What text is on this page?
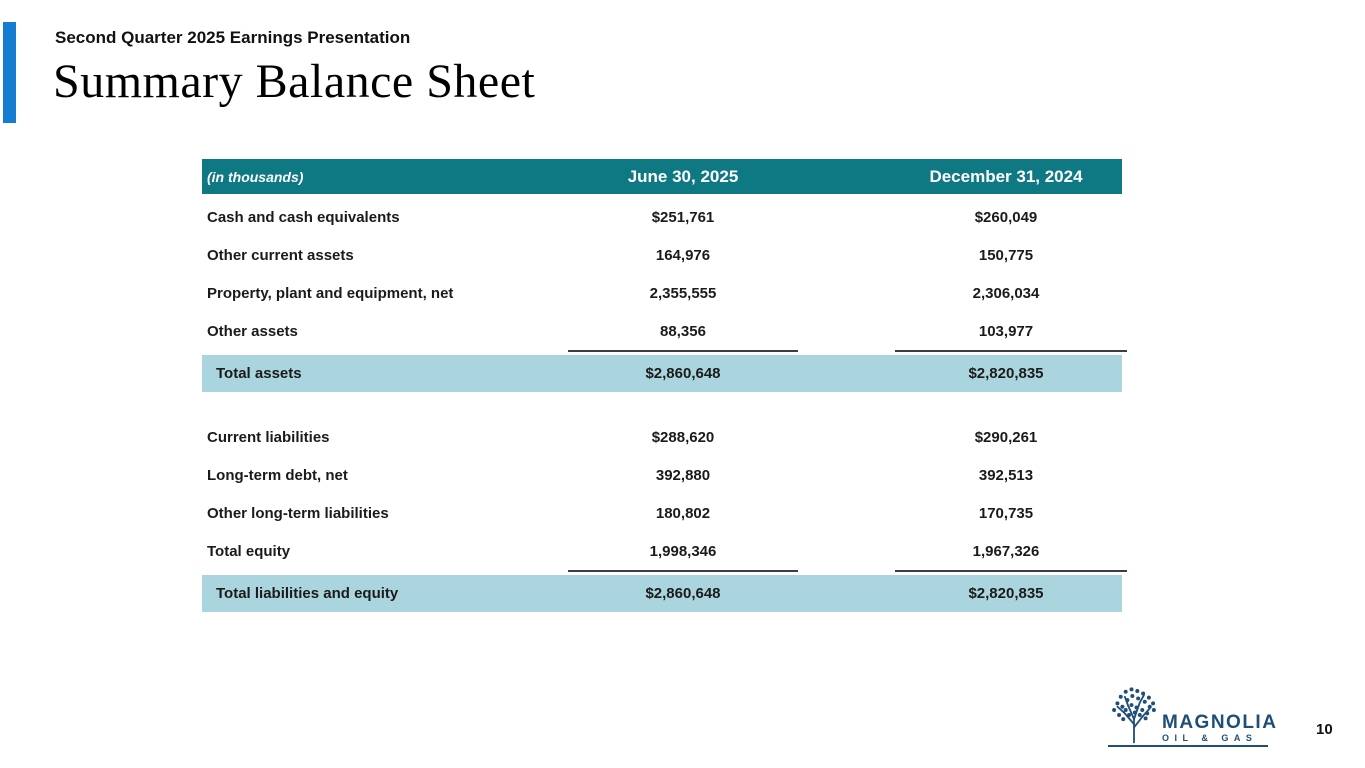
Second Quarter 2025 Earnings Presentation
Summary Balance Sheet
(in thousands)	June 30, 2025	December 31, 2024
Cash and cash equivalents	$251,761	$260,049
Other current assets	164,976	150,775
Property, plant and equipment, net	2,355,555	2,306,034
Other assets	88,356	103,977
Total assets	$2,860,648	$2,820,835
Current liabilities	$288,620	$290,261
Long-term debt, net	392,880	392,513
Other long-term liabilities	180,802	170,735
Total equity	1,998,346	1,967,326
Total liabilities and equity	$2,860,648	$2,820,835
MAGNOLIA
OIL & GAS	10
